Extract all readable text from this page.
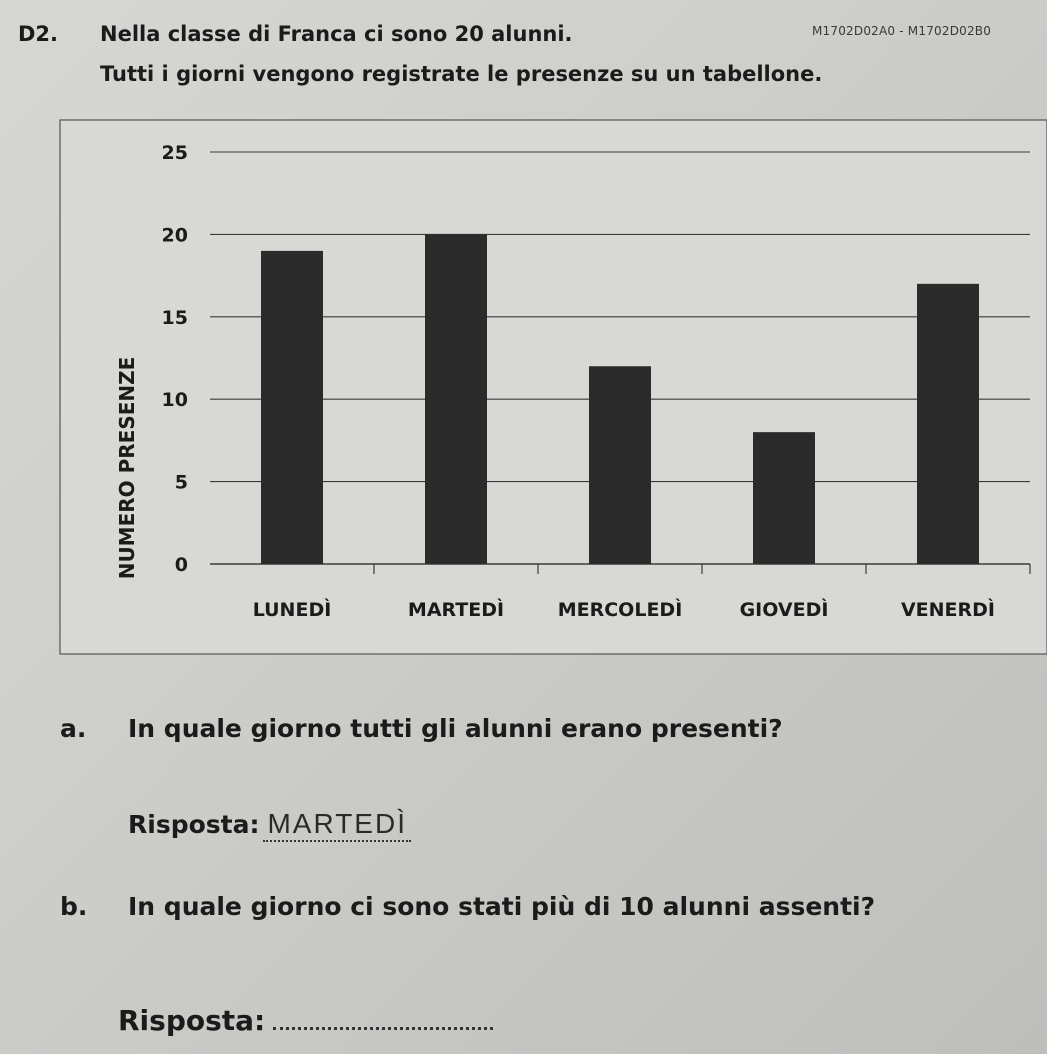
M1702D02A0 - M1702D02B0
D2. Nella classe di Franca ci sono 20 alunni.
Tutti i giorni vengono registrate le presenze su un tabellone.
0
5
10
15
20
25
LUNEDÌ	MARTEDÌ	MERCOLEDÌ	GIOVEDÌ	VENERDÌ
NUMERO PRESENZE
a. In quale giorno tutti gli alunni erano presenti?
Risposta: MARTEDÌ
b. In quale giorno ci sono stati più di 10 alunni assenti?
Risposta:
